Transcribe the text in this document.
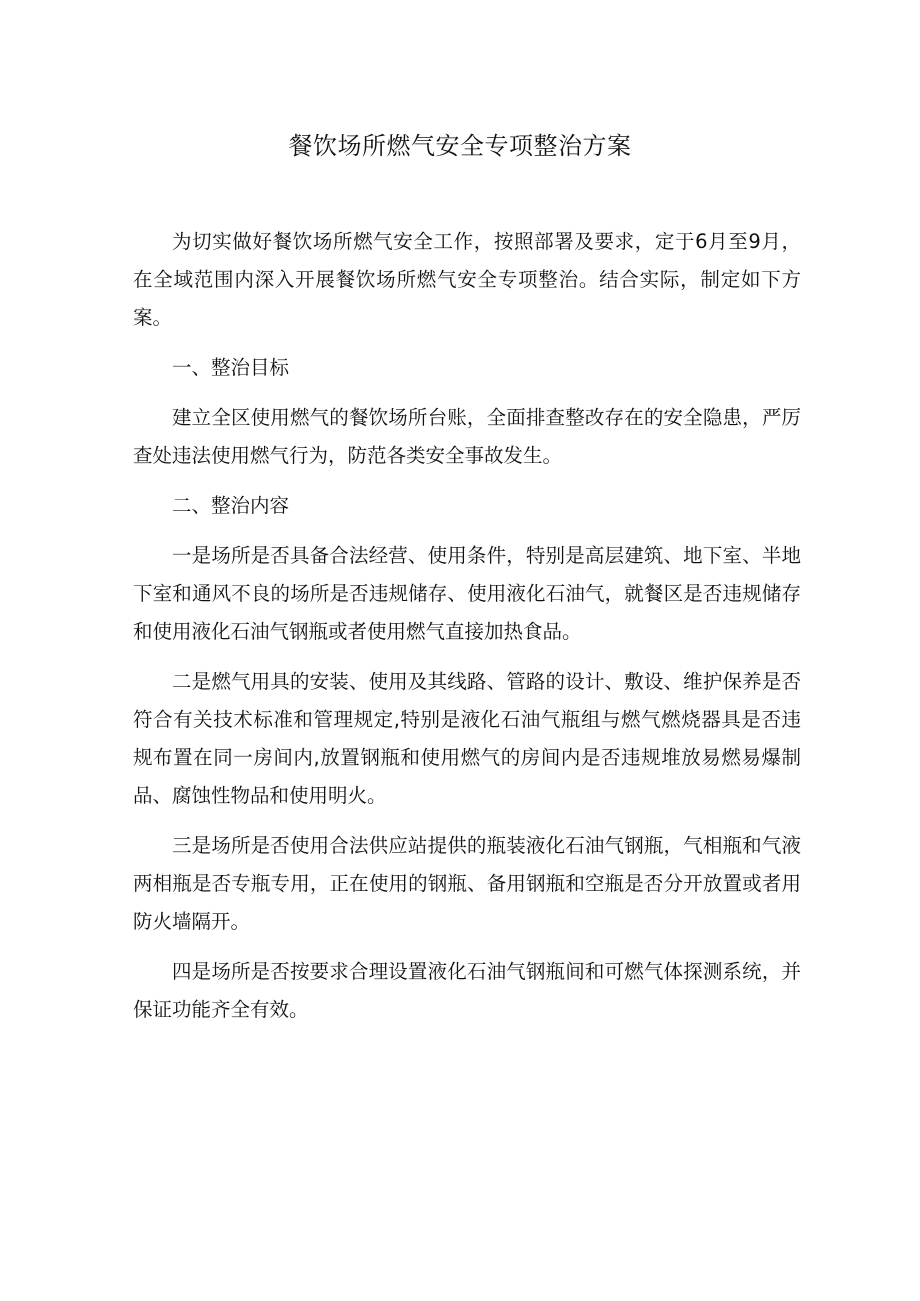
餐饮场所燃气安全专项整治方案

为切实做好餐饮场所燃气安全工作，按照部署及要求，定于6月至9月，在全域范围内深入开展餐饮场所燃气安全专项整治。结合实际，制定如下方案。

一、整治目标

建立全区使用燃气的餐饮场所台账，全面排查整改存在的安全隐患，严厉查处违法使用燃气行为，防范各类安全事故发生。

二、整治内容

一是场所是否具备合法经营、使用条件，特别是高层建筑、地下室、半地下室和通风不良的场所是否违规储存、使用液化石油气，就餐区是否违规储存和使用液化石油气钢瓶或者使用燃气直接加热食品。

二是燃气用具的安装、使用及其线路、管路的设计、敷设、维护保养是否符合有关技术标准和管理规定,特别是液化石油气瓶组与燃气燃烧器具是否违规布置在同一房间内,放置钢瓶和使用燃气的房间内是否违规堆放易燃易爆制品、腐蚀性物品和使用明火。

三是场所是否使用合法供应站提供的瓶装液化石油气钢瓶，气相瓶和气液两相瓶是否专瓶专用，正在使用的钢瓶、备用钢瓶和空瓶是否分开放置或者用防火墙隔开。

四是场所是否按要求合理设置液化石油气钢瓶间和可燃气体探测系统，并保证功能齐全有效。
